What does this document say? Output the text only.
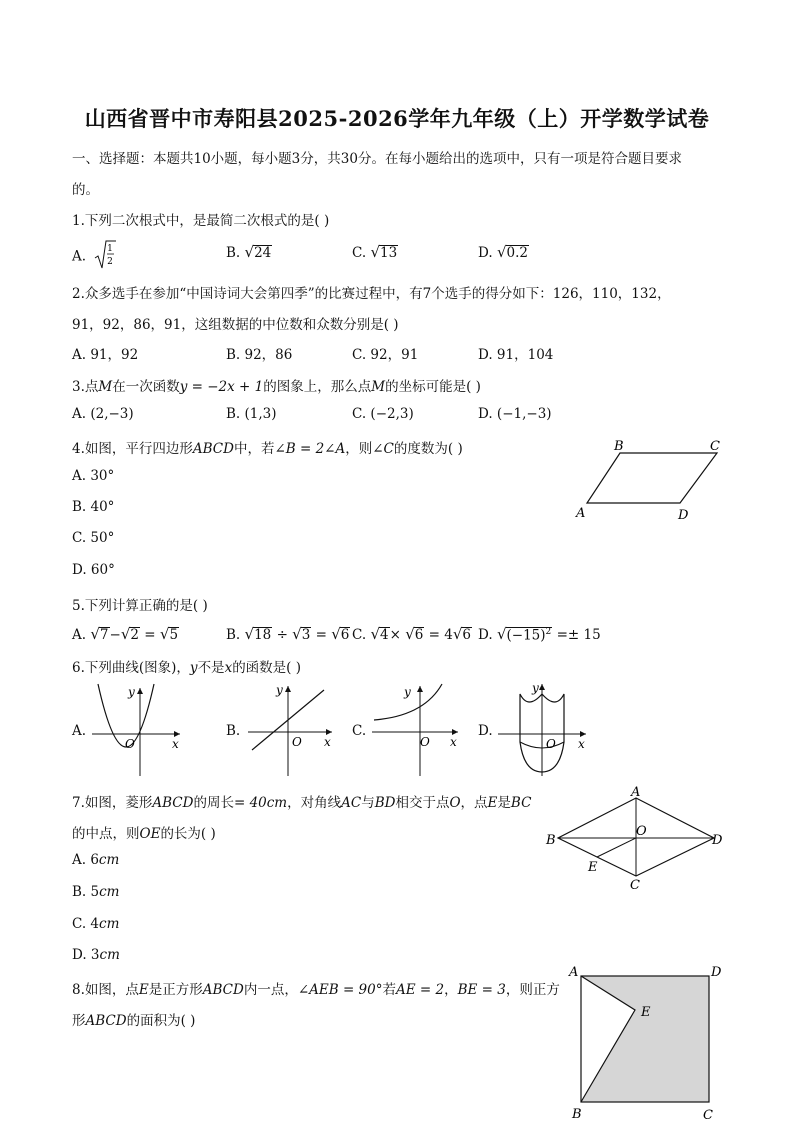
山西省晋中市寿阳县2025-2026学年九年级（上）开学数学试卷
一、选择题：本题共10小题，每小题3分，共30分。在每小题给出的选项中，只有一项是符合题目要求
的。
1.下列二次根式中，是最简二次根式的是( )
A. 1
2
B. √24	C. √13	D. √0.2
2.众多选手在参加“中国诗词大会第四季”的比赛过程中，有7个选手的得分如下：126，110，132，
91，92，86，91，这组数据的中位数和众数分别是( )
A. 91，92	B. 92，86	C. 92，91	D. 91，104
3.点M在一次函数y = −2x + 1的图象上，那么点M的坐标可能是( )
A. (2,−3)	B. (1,3)	C. (−2,3)	D. (−1,−3)
4.如图，平行四边形ABCD中，若∠B = 2∠A，则∠C的度数为( )
A. 30°
B. 40°
C. 50°
D. 60°
B	C
A	D
5.下列计算正确的是( )
A. √7−√2 = √5	B. √18 ÷ √3 = √6 C. √4× √6 = 4√6 D. $√(-15)^2 =\pm 15$
6.下列曲线(图象)，y不是x的函数是( )
A.	B.	C.	D.
y
x
O
y
x
O
y
x
O
y
x
O
7.如图，菱形ABCD的周长= 40cm，对角线AC与BD相交于点O，点E是BC
的中点，则OE的长为( )
A. 6cm
B. 5cm
C. 4cm
D. 3cm
A
B
C
D
O
E
8.如图，点E是正方形ABCD内一点，∠AEB = 90°若AE = 2，BE = 3，则正方
形ABCD的面积为( )
A	D
E
B	C
